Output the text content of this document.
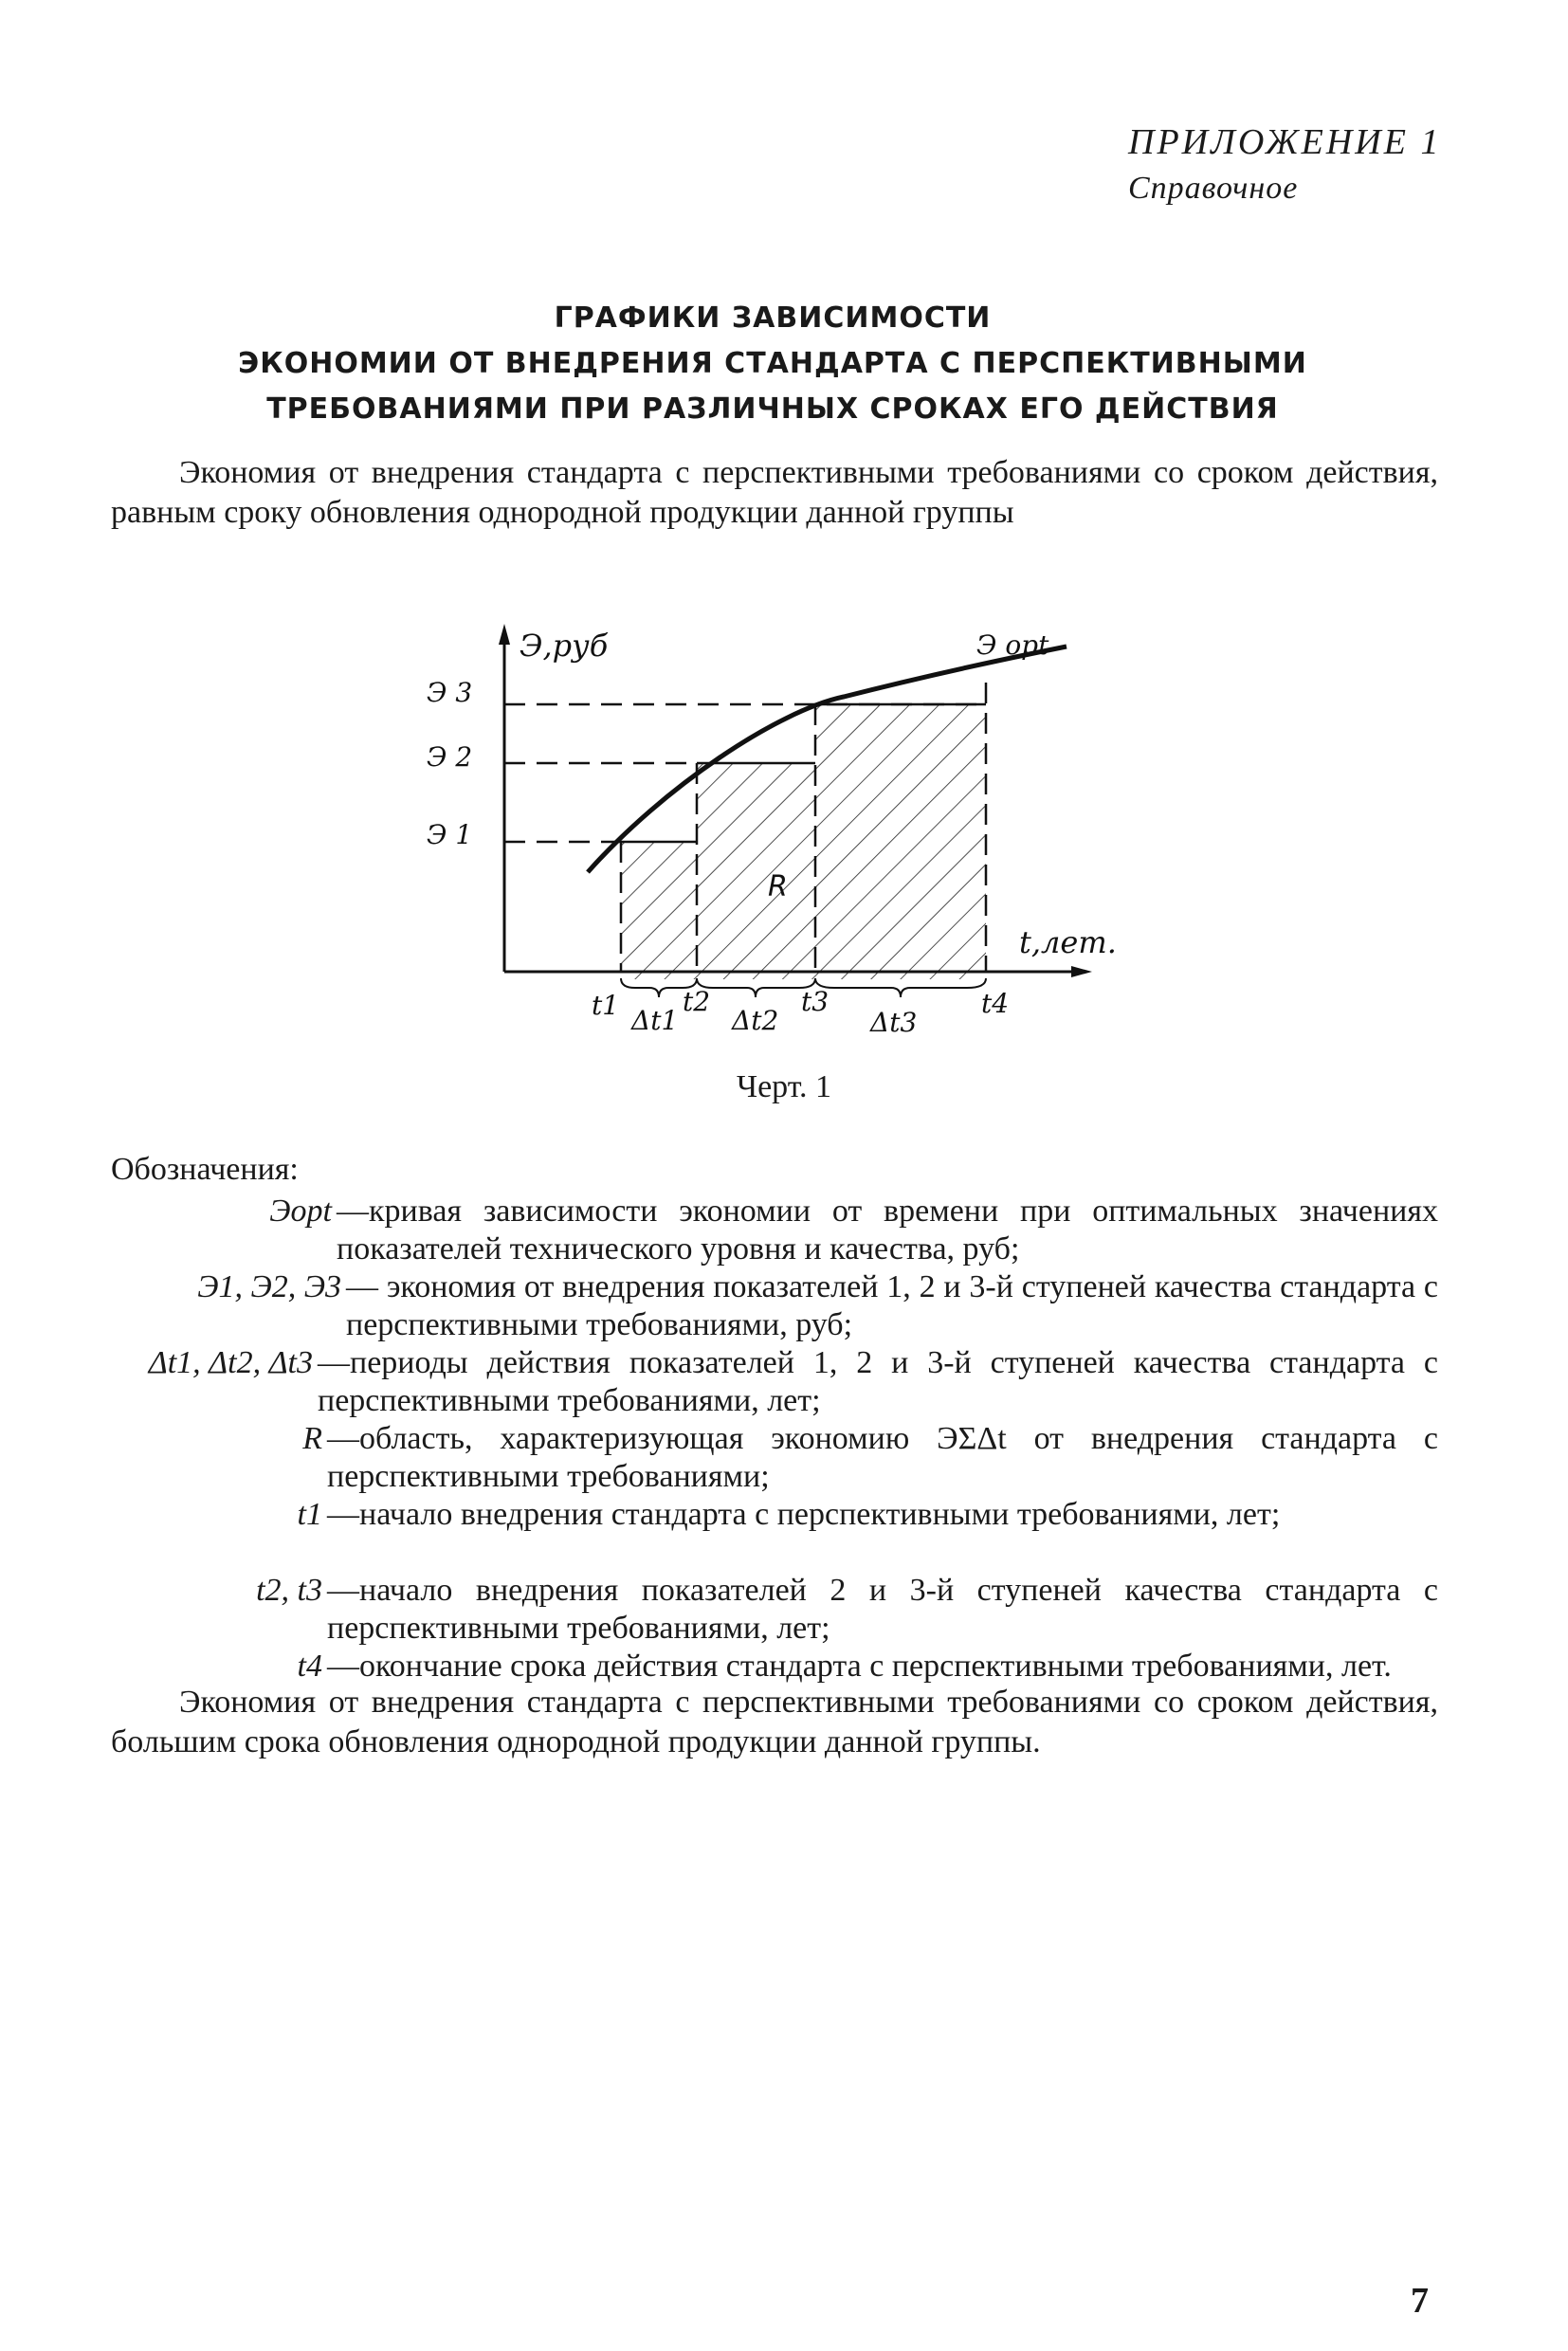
ПРИЛОЖЕНИЕ 1
Справочное
ГРАФИКИ ЗАВИСИМОСТИ
ЭКОНОМИИ ОТ ВНЕДРЕНИЯ СТАНДАРТА С ПЕРСПЕКТИВНЫМИ
ТРЕБОВАНИЯМИ ПРИ РАЗЛИЧНЫХ СРОКАХ ЕГО ДЕЙСТВИЯ
Экономия от внедрения стандарта с перспективными требованиями со сроком действия, равным сроку обновления однородной продукции данной группы
Э,руб	Э opt
Э 3
Э 2
Э 1
R
t,лет.
t1 t2	t3	t4
Δt1 Δt2	Δt3
Черт. 1
Обозначения:
Эopt —кривая зависимости экономии от времени при оптимальных значениях показателей технического уровня и качества, руб;
Э1, Э2, Э3 — экономия от внедрения показателей 1, 2 и 3-й ступеней качества стандарта с перспективными требованиями, руб;
Δt1, Δt2, Δt3 —периоды действия показателей 1, 2 и 3-й ступеней качества стандарта с перспективными требованиями, лет;
R —область, характеризующая экономию ЭΣΔt от внедрения стандарта с перспективными требованиями;
t1 —начало внедрения стандарта с перспективными требованиями, лет;
t2, t3 —начало внедрения показателей 2 и 3-й ступеней качества стандарта с перспективными требованиями, лет;
t4 —окончание срока действия стандарта с перспективными требованиями, лет.
Экономия от внедрения стандарта с перспективными требованиями со сроком действия, большим срока обновления однородной продукции данной группы.
7
